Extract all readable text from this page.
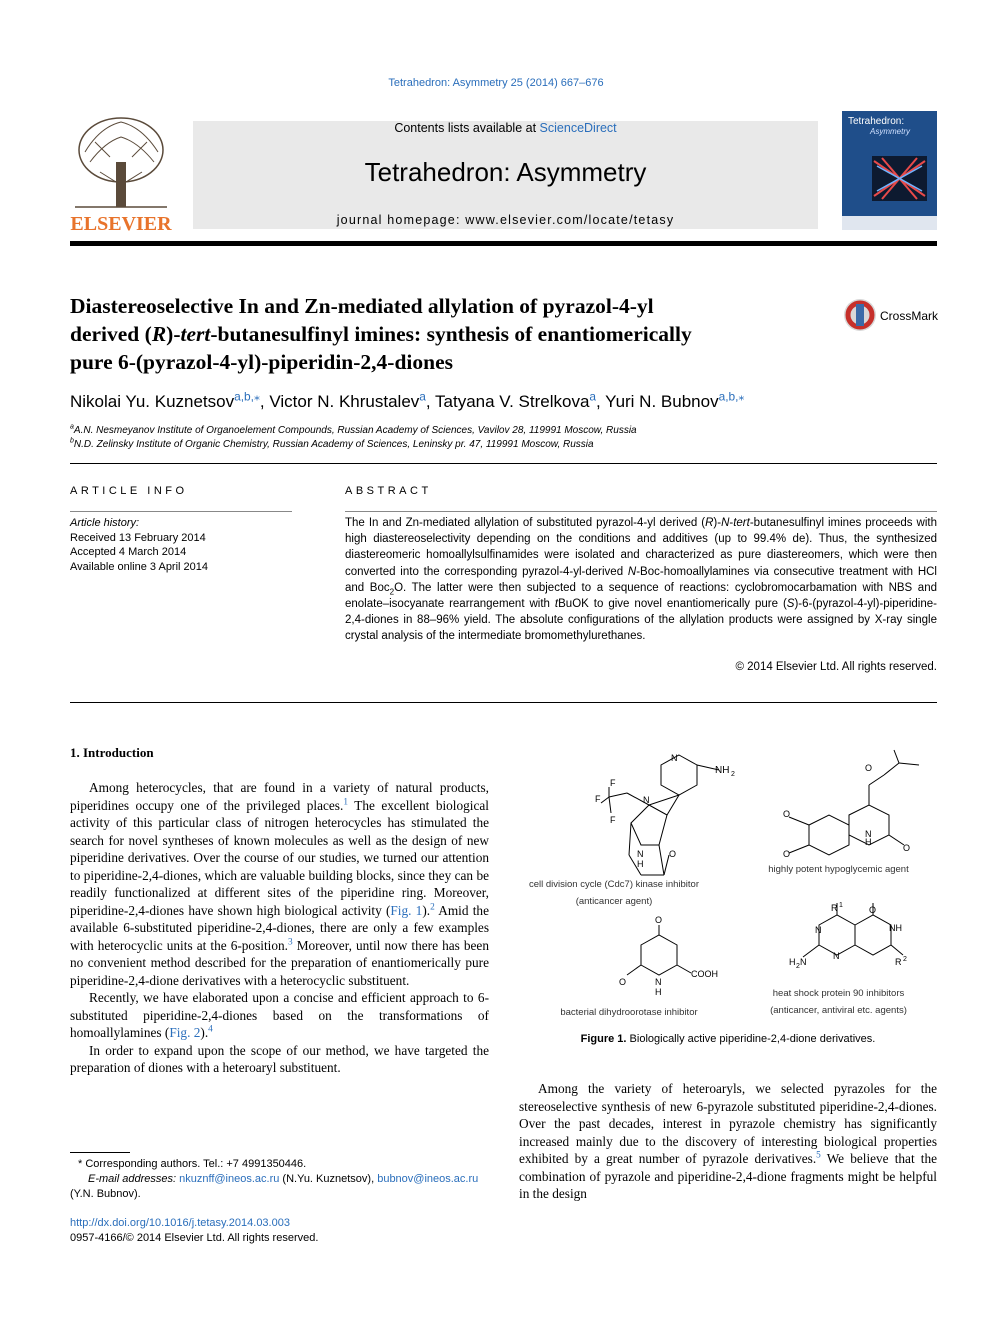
Tetrahedron: Asymmetry 25 (2014) 667–676
ELSEVIER
Contents lists available at ScienceDirect
Tetrahedron: Asymmetry
journal homepage: www.elsevier.com/locate/tetasy
Tetrahedron:
Asymmetry
Diastereoselective In and Zn-mediated allylation of pyrazol-4-yl
derived (R)-tert-butanesulfinyl imines: synthesis of enantiomerically
pure 6-(pyrazol-4-yl)-piperidin-2,4-diones
CrossMark
Nikolai Yu. Kuznetsov$^{a,b,⁎}$, Victor N. Khrustalev$^a$, Tatyana V. Strelkova$^a$, Yuri N. Bubnov$^{a,b,⁎}$
$^a$A.N. Nesmeyanov Institute of Organoelement Compounds, Russian Academy of Sciences, Vavilov 28, 119991 Moscow, Russia
$^b$N.D. Zelinsky Institute of Organic Chemistry, Russian Academy of Sciences, Leninsky pr. 47, 119991 Moscow, Russia
ARTICLE INFO
Article history:
Received 13 February 2014
Accepted 4 March 2014
Available online 3 April 2014
ABSTRACT
The In and Zn-mediated allylation of substituted pyrazol-4-yl derived (R)-N-tert-butanesulfinyl imines proceeds with high diastereoselectivity depending on the conditions and additives (up to 99.4% de). Thus, the synthesized diastereomeric homoallylsulfinamides were isolated and characterized as pure diastereomers, which were then converted into the corresponding pyrazol-4-yl-derived N-Boc-homoallylamines via consecutive treatment with HCl and Boc$_2$O. The latter were then subjected to a sequence of reactions: cyclobromocarbamation with NBS and enolate–isocyanate rearrangement with tBuOK to give novel enantiomerically pure (S)-6-(pyrazol-4-yl)-piperidine-2,4-diones in 88–96% yield. The absolute configurations of the allylation products were assigned by X-ray single crystal analysis of the intermediate bromomethylurethanes.
© 2014 Elsevier Ltd. All rights reserved.
1. Introduction

Among heterocycles, that are found in a variety of natural products, piperidines occupy one of the privileged places.$^1$ The excellent biological activity of this particular class of nitrogen heterocycles has stimulated the search for novel syntheses of known molecules as well as the design of new piperidine derivatives. Over the course of our studies, we turned our attention to piperidine-2,4-diones, which are valuable building blocks, since they can be readily functionalized at different sites of the piperidine ring. Moreover, piperidine-2,4-diones have shown high biological activity (Fig. 1).$^2$ Amid the available 6-substituted piperidine-2,4-diones, there are only a few examples with heterocyclic units at the 6-position.$^3$ Moreover, until now there has been no convenient method described for the preparation of enantiomerically pure piperidine-2,4-dione derivatives with a heterocyclic substituent.

Recently, we have elaborated upon a concise and efficient approach to 6-substituted piperidine-2,4-diones based on the transformations of homoallylamines (Fig. 2).$^4$

In order to expand upon the scope of our method, we have targeted the preparation of diones with a heteroaryl substituent.

NH 2
N
N
F
F
F
N
H
O
O
O
O
N
H
O
O
O	N
H
COOH
R 1	O
NH
N
N
H 2 N	R 2
cell division cycle (Cdc7) kinase inhibitor
(anticancer agent)
highly potent hypoglycemic agent
bacterial dihydroorotase inhibitor
heat shock protein 90 inhibitors
(anticancer, antiviral etc. agents)
Figure 1. Biologically active piperidine-2,4-dione derivatives.

Among the variety of heteroaryls, we selected pyrazoles for the stereoselective synthesis of new 6-pyrazole substituted piperidine-2,4-diones. Over the past decades, interest in pyrazole chemistry has significantly increased mainly due to the discovery of interesting biological properties exhibited by a great number of pyrazole derivatives.$^5$ We believe that the combination of pyrazole and piperidine-2,4-dione fragments might be helpful in the design

* Corresponding authors. Tel.: +7 4991350446.
E-mail addresses: nkuznff@ineos.ac.ru (N.Yu. Kuznetsov), bubnov@ineos.ac.ru
(Y.N. Bubnov).
http://dx.doi.org/10.1016/j.tetasy.2014.03.003
0957-4166/© 2014 Elsevier Ltd. All rights reserved.
